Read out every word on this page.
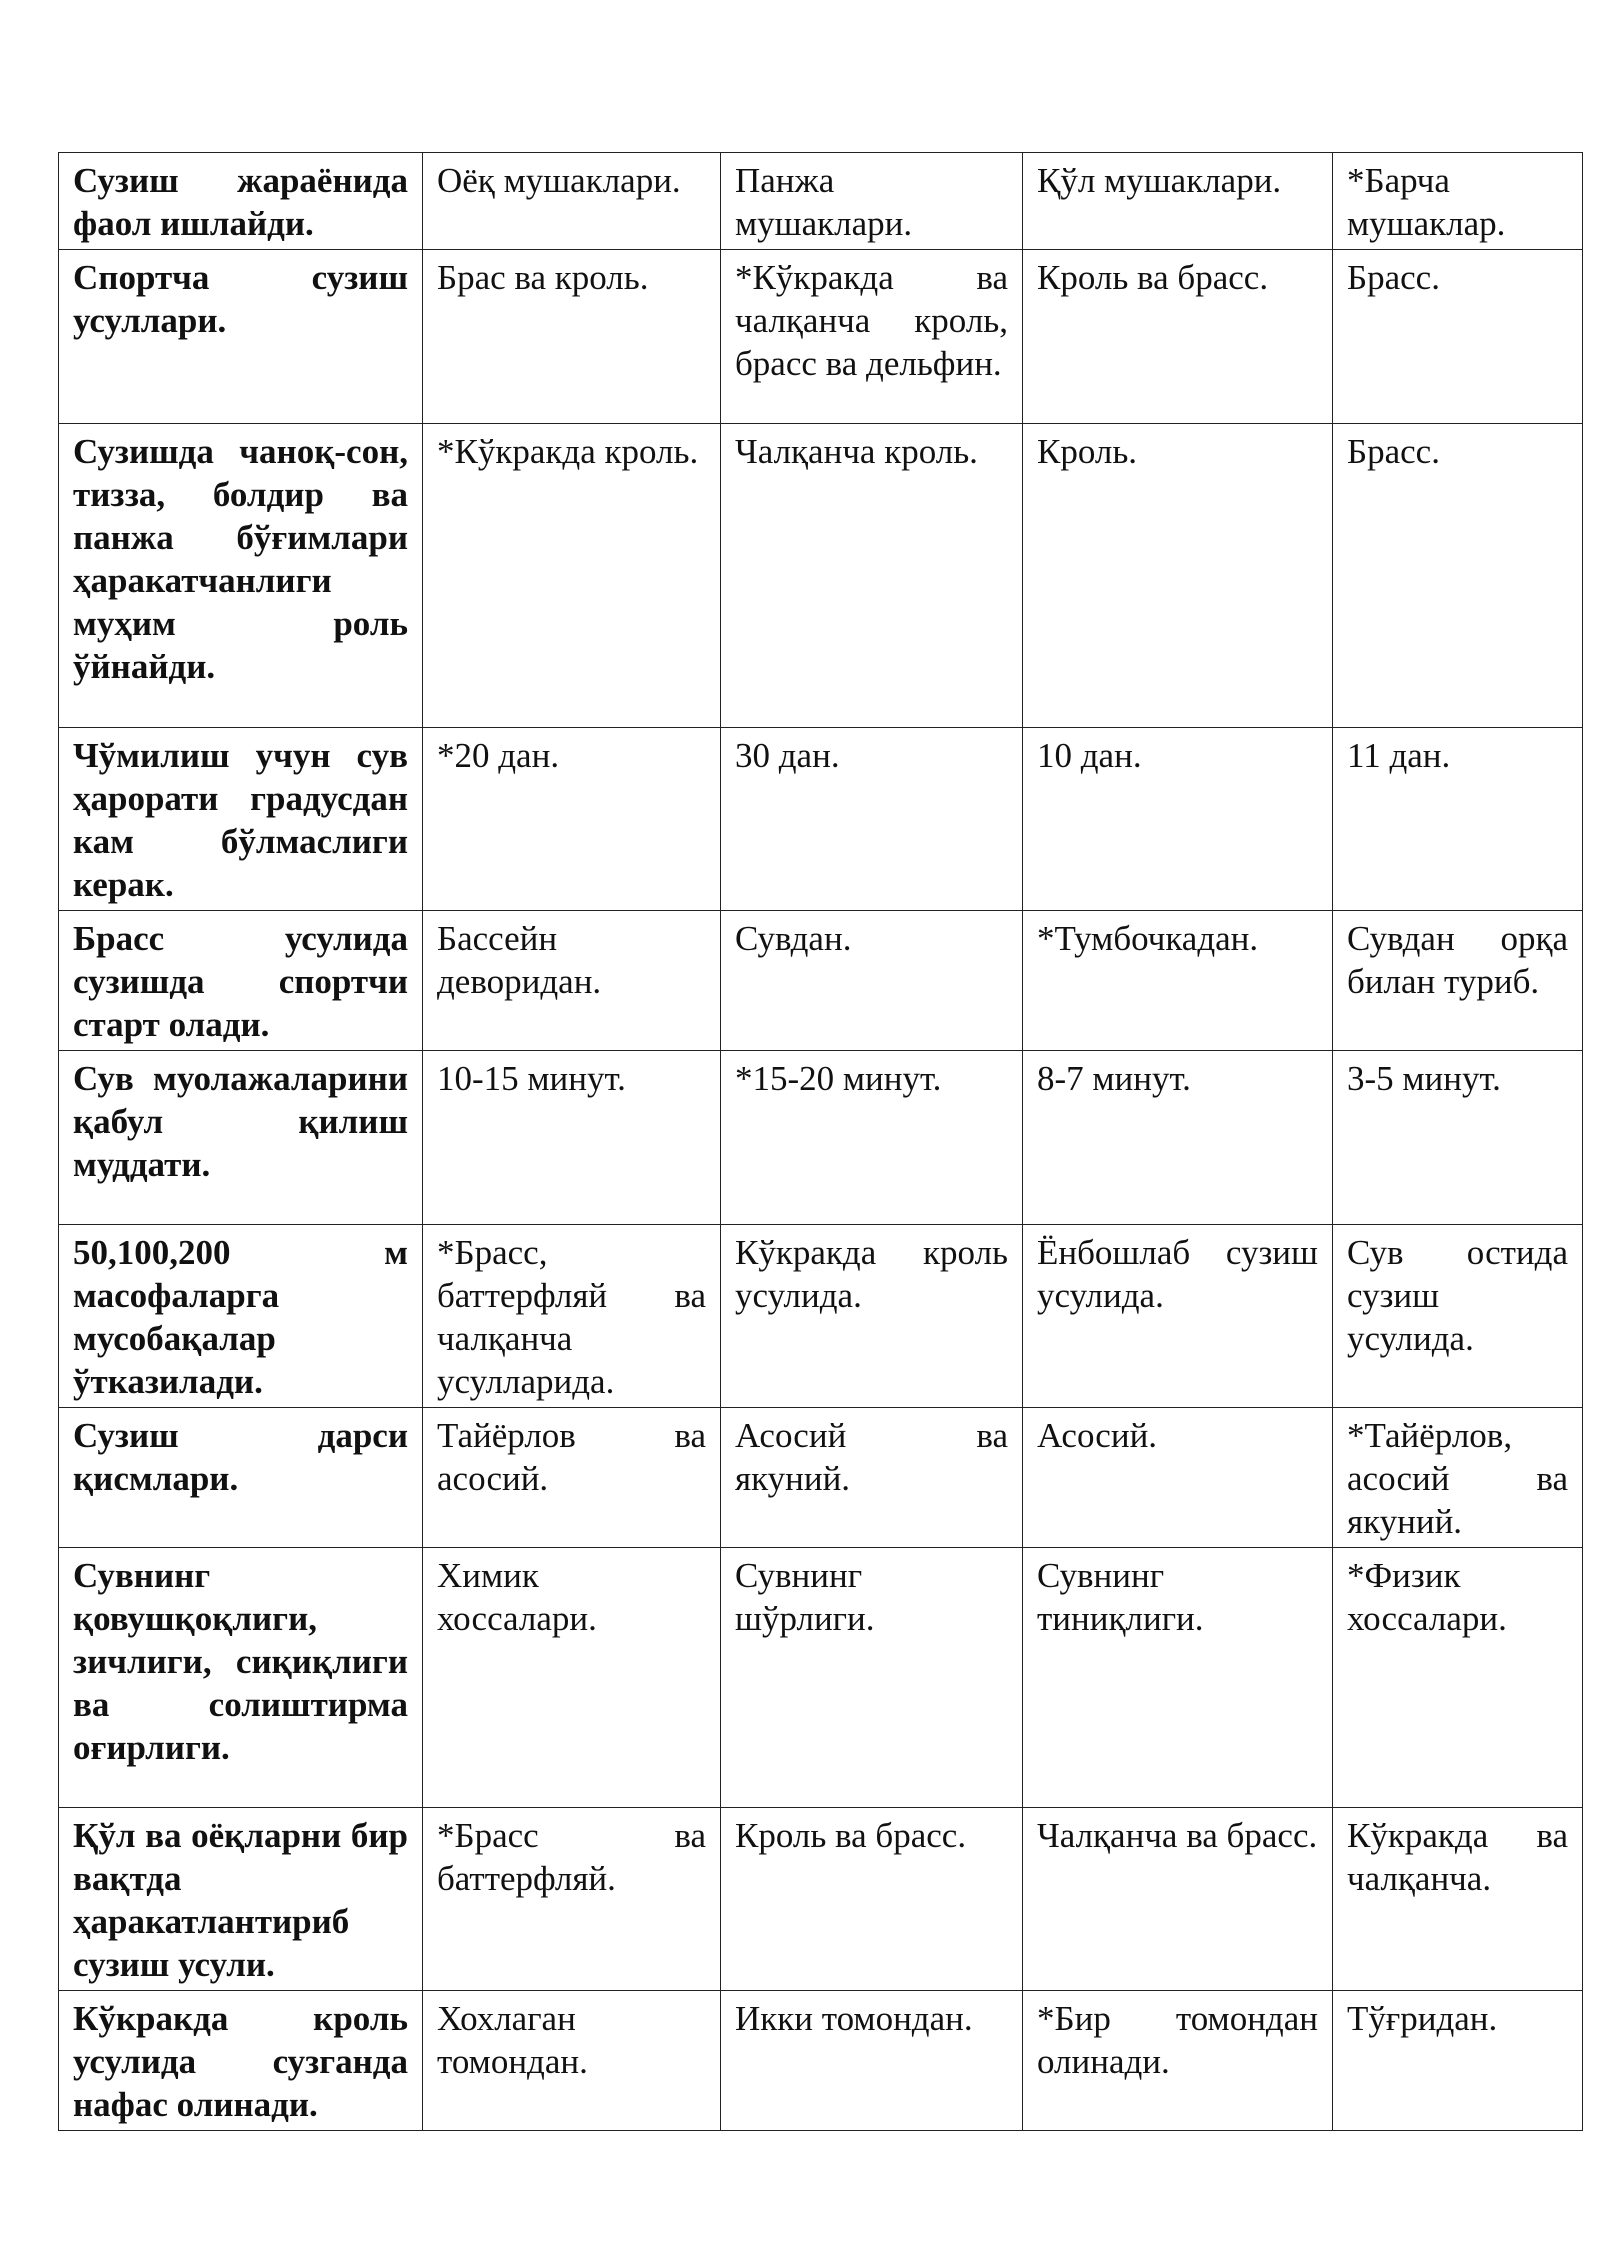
Сузиш жараёнида фаол ишлайди.	Оёқ мушаклари.	Панжа мушаклари.	Қўл мушаклари.	*Барча мушаклар.
Спортча сузиш усуллари.	Брас ва кроль.	*Кўкракда ва чалқанча кроль, брасс ва дельфин.	Кроль ва брасс.	Брасс.
Сузишда чаноқ-сон, тизза, болдир ва панжа бўғимлари ҳаракатчанлиги муҳим роль ўйнайди.	*Кўкракда кроль.	Чалқанча кроль.	Кроль.	Брасс.
Чўмилиш учун сув ҳарорати градусдан кам бўлмаслиги керак.	*20 дан.	30 дан.	10 дан.	11 дан.
Брасс усулида сузишда спортчи старт олади.	Бассейн деворидан.	Сувдан.	*Тумбочкадан.	Сувдан орқа билан туриб.
Сув муолажаларини қабул қилиш муддати.	10-15 минут.	*15-20 минут.	8-7 минут.	3-5 минут.
50,100,200 м масофаларга мусобақалар ўтказилади.	*Брасс, баттерфляй ва чалқанча усулларида.	Кўкракда кроль усулида.	Ёнбошлаб сузиш усулида.	Сув остида сузиш усулида.
Сузиш дарси қисмлари.	Тайёрлов ва асосий.	Асосий ва якуний.	Асосий.	*Тайёрлов, асосий ва якуний.
Сувнинг қовушқоқлиги, зичлиги, сиқиқлиги ва солиштирма оғирлиги.	Химик хоссалари.	Сувнинг шўрлиги.	Сувнинг тиниқлиги.	*Физик хоссалари.
Қўл ва оёқларни бир вақтда ҳаракатлантириб сузиш усули.	*Брасс ва баттерфляй.	Кроль ва брасс.	Чалқанча ва брасс.	Кўкракда ва чалқанча.
Кўкракда кроль усулида сузганда нафас олинади.	Хохлаган томондан.	Икки томондан.	*Бир томондан олинади.	Тўғридан.
